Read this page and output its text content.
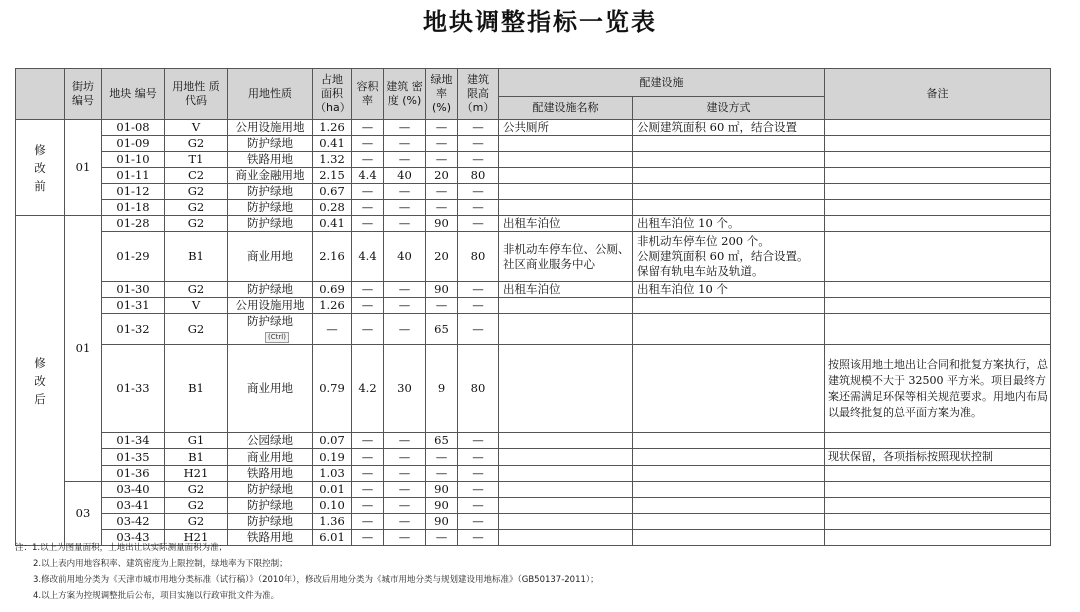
地块调整指标一览表
	街坊 编号	地块 编号	用地性 质代码	用地性质	占地 面积 （ha）	容积 率	建筑 密度 (%)	绿地 率 (%)	建筑 限高 （m）	配建设施		备注
										配建设施名称	建设方式	
修
改
前	01	01-08	V	公用设施用地	1.26	—	—	—	—	公共厕所	公厕建筑面积 60 ㎡，结合设置	
		01-09	G2	防护绿地	0.41	—	—	—	—			
		01-10	T1	铁路用地	1.32	—	—	—	—			
		01-11	C2	商业金融用地	2.15	4.4	40	20	80			
		01-12	G2	防护绿地	0.67	—	—	—	—			
		01-18	G2	防护绿地	0.28	—	—	—	—			
修
改
后	01	01-28	G2	防护绿地	0.41	—	—	90	—	出租车泊位	出租车泊位 10 个。	
		01-29	B1	商业用地	2.16	4.4	40	20	80	非机动车停车位、公厕、社区商业服务中心	非机动车停车位 200 个。
公厕建筑面积 60 ㎡，结合设置。
保留有轨电车站及轨道。	
		01-30	G2	防护绿地	0.69	—	—	90	—	出租车泊位	出租车泊位 10 个	
		01-31	V	公用设施用地	1.26	—	—	—	—			
		01-32	G2	防护绿地(Ctrl)	—	—	—	65	—			
		01-33	B1	商业用地	0.79	4.2	30	9	80			按照该用地土地出让合同和批复方案执行，总建筑规模不大于 32500 平方米。项目最终方案还需满足环保等相关规范要求。用地内布局以最终批复的总平面方案为准。
		01-34	G1	公园绿地	0.07	—	—	65	—			
		01-35	B1	商业用地	0.19	—	—	—	—			现状保留，各项指标按照现状控制
		01-36	H21	铁路用地	1.03	—	—	—	—			
	03	03-40	G2	防护绿地	0.01	—	—	90	—			
		03-41	G2	防护绿地	0.10	—	—	90	—			
		03-42	G2	防护绿地	1.36	—	—	90	—			
		03-43	H21	铁路用地	6.01	—	—	—	—			
注：1.以上为图量面积，土地出让以实际测量面积为准；
2.以上表内用地容积率、建筑密度为上限控制，绿地率为下限控制；
3.修改前用地分类为《天津市城市用地分类标准（试行稿）》（2010年），修改后用地分类为《城市用地分类与规划建设用地标准》（GB50137-2011）；
4.以上方案为控规调整批后公布，项目实施以行政审批文件为准。
